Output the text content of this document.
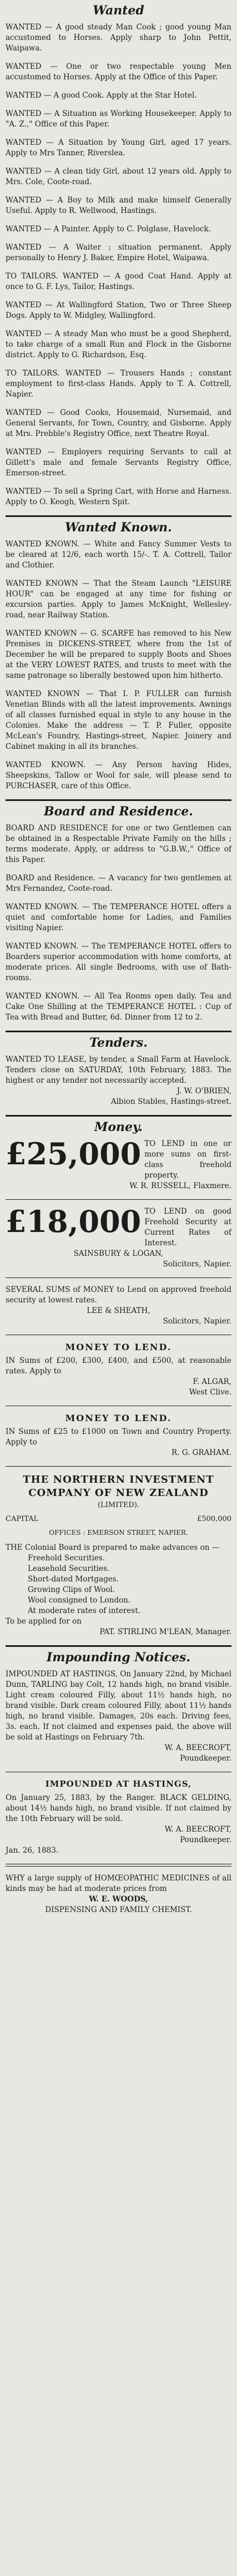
Wanted

WANTED — A good steady Man Cook ; good young Man accustomed to Horses. Apply sharp to John Pettit, Waipawa.

WANTED — One or two respectable young Men accustomed to Horses. Apply at the Office of this Paper.

WANTED — A good Cook. Apply at the Star Hotel.

WANTED — A Situation as Working Housekeeper. Apply to "A. Z.," Office of this Paper.

WANTED — A Situation by Young Girl, aged 17 years. Apply to Mrs Tanner, Riverslea.

WANTED — A clean tidy Girl, about 12 years old. Apply to Mrs. Cole, Coote-road.

WANTED — A Boy to Milk and make himself Generally Useful. Apply to R. Wellwood, Hastings.

WANTED — A Painter. Apply to C. Polglase, Havelock.

WANTED — A Waiter ; situation permanent. Apply personally to Henry J. Baker, Empire Hotel, Waipawa.

TO TAILORS. WANTED — A good Coat Hand. Apply at once to G. F. Lys, Tailor, Hastings.

WANTED — At Wallingford Station, Two or Three Sheep Dogs. Apply to W. Midgley, Wallingford.

WANTED — A steady Man who must be a good Shepherd, to take charge of a small Run and Flock in the Gisborne district. Apply to G. Richardson, Esq.

TO TAILORS. WANTED — Trousers Hands ; constant employment to first-class Hands. Apply to T. A. Cottrell, Napier.

WANTED — Good Cooks, Housemaid, Nursemaid, and General Servants, for Town, Country, and Gisborne. Apply at Mrs. Prebble's Registry Office, next Theatre Royal.

WANTED — Employers requiring Servants to call at Gillett's male and female Servants Registry Office, Emerson-street.

WANTED — To sell a Spring Cart, with Horse and Harness. Apply to O. Keogh, Western Spit.

Wanted Known.

WANTED KNOWN. — White and Fancy Summer Vests to be cleared at 12/6, each worth 15/-. T. A. Cottrell, Tailor and Clothier.

WANTED KNOWN — That the Steam Launch "LEISURE HOUR" can be engaged at any time for fishing or excursion parties. Apply to James McKnight, Wellesley-road, near Railway Station.

WANTED KNOWN — G. SCARFE has removed to his New Premises in DICKENS-STREET, where from the 1st of December he will be prepared to supply Boots and Shoes at the VERY LOWEST RATES, and trusts to meet with the same patronage so liberally bestowed upon him hitherto.

WANTED KNOWN — That I. P. FULLER can furnish Venetian Blinds with all the latest improvements. Awnings of all classes furnished equal in style to any house in the Colonies. Make the address — T. P. Fuller, opposite McLean's Foundry, Hastings-street, Napier. Joinery and Cabinet making in all its branches.

WANTED KNOWN. — Any Person having Hides, Sheepskins, Tallow or Wool for sale, will please send to PURCHASER, care of this Office.

Board and Residence.

BOARD AND RESIDENCE for one or two Gentlemen can be obtained in a Respectable Private Family on the hills ; terms moderate. Apply, or address to "G.B.W.," Office of this Paper.

BOARD and Residence. — A vacancy for two gentlemen at Mrs Fernandez, Coote-road.

WANTED KNOWN. — The TEMPERANCE HOTEL offers a quiet and comfortable home for Ladies, and Families visiting Napier.

WANTED KNOWN. — The TEMPERANCE HOTEL offers to Boarders superior accommodation with home comforts, at moderate prices. All single Bedrooms, with use of Bath-rooms.

WANTED KNOWN. — All Tea Rooms open daily. Tea and Cake One Shilling at the TEMPERANCE HOTEL : Cup of Tea with Bread and Butter, 6d. Dinner from 12 to 2.

Tenders.

WANTED TO LEASE, by tender, a Small Farm at Havelock. Tenders close on SATURDAY, 10th February, 1883. The highest or any tender not necessarily accepted.

J. W. O'BRIEN,
Albion Stables, Hastings-street.
Money.
£25,000 TO LEND in one or more sums on first-class freehold property.

W. R. RUSSELL, Flaxmere.
£18,000 TO LEND on good Freehold Security at Current Rates of Interest.

SAINSBURY & LOGAN,
Solicitors, Napier.

SEVERAL SUMS of MONEY to Lend on approved freehold security at lowest rates.

LEE & SHEATH,
Solicitors, Napier.
MONEY TO LEND.

IN Sums of £200, £300, £400, and £500, at reasonable rates. Apply to

F. ALGAR,
West Clive.
MONEY TO LEND.

IN Sums of £25 to £1000 on Town and Country Property. Apply to

R. G. GRAHAM.
THE NORTHERN INVESTMENT
COMPANY OF NEW ZEALAND
(LIMITED).
CAPITAL	£500,000
OFFICES : EMERSON STREET, NAPIER.

THE Colonial Board is prepared to make advances on —

Freehold Securities.
Leasehold Securities.
Short-dated Mortgages.
Growing Clips of Wool.
Wool consigned to London.
At moderate rates of interest.

To be applied for on

PAT. STIRLING M'LEAN, Manager.
Impounding Notices.

IMPOUNDED AT HASTINGS, On January 22nd, by Michael Dunn, TARLING bay Colt, 12 hands high, no brand visible. Light cream coloured Filly, about 11½ hands high, no brand visible. Dark cream coloured Filly, about 11½ hands high, no brand visible. Damages, 20s each. Driving fees, 3s. each. If not claimed and expenses paid, the above will be sold at Hastings on February 7th.

W. A. BEECROFT,
Poundkeeper.
IMPOUNDED AT HASTINGS,

On January 25, 1883, by the Ranger. BLACK GELDING, about 14½ hands high, no brand visible. If not claimed by the 10th February will be sold.

W. A. BEECROFT,
Poundkeeper.
Jan. 26, 1883.

WHY a large supply of HOMŒOPATHIC MEDICINES of all kinds may be had at moderate prices from

W. E. WOODS,
DISPENSING AND FAMILY CHEMIST.
